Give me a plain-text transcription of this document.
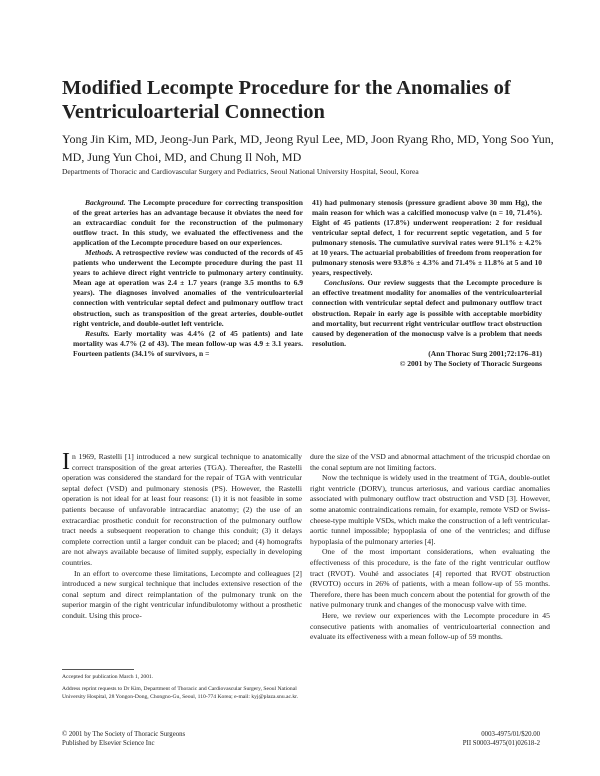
Modified Lecompte Procedure for the Anomalies of Ventriculoarterial Connection
Yong Jin Kim, MD, Jeong-Jun Park, MD, Jeong Ryul Lee, MD, Joon Ryang Rho, MD, Yong Soo Yun, MD, Jung Yun Choi, MD, and Chung Il Noh, MD
Departments of Thoracic and Cardiovascular Surgery and Pediatrics, Seoul National University Hospital, Seoul, Korea

Background. The Lecompte procedure for correcting transposition of the great arteries has an advantage because it obviates the need for an extracardiac conduit for the reconstruction of the pulmonary outflow tract. In this study, we evaluated the effectiveness and the application of the Lecompte procedure based on our experiences.

Methods. A retrospective review was conducted of the records of 45 patients who underwent the Lecompte procedure during the past 11 years to achieve direct right ventricle to pulmonary artery continuity. Mean age at operation was 2.4 ± 1.7 years (range 3.5 months to 6.9 years). The diagnoses involved anomalies of the ventriculoarterial connection with ventricular septal defect and pulmonary outflow tract obstruction, such as transposition of the great arteries, double-outlet right ventricle, and double-outlet left ventricle.

Results. Early mortality was 4.4% (2 of 45 patients) and late mortality was 4.7% (2 of 43). The mean follow-up was 4.9 ± 3.1 years. Fourteen patients (34.1% of survivors, n =

41) had pulmonary stenosis (pressure gradient above 30 mm Hg), the main reason for which was a calcified monocusp valve (n = 10, 71.4%). Eight of 45 patients (17.8%) underwent reoperation: 2 for residual ventricular septal defect, 1 for recurrent septic vegetation, and 5 for pulmonary stenosis. The cumulative survival rates were 91.1% ± 4.2% at 10 years. The actuarial probabilities of freedom from reoperation for pulmonary stenosis were 93.8% ± 4.3% and 71.4% ± 11.8% at 5 and 10 years, respectively.

Conclusions. Our review suggests that the Lecompte procedure is an effective treatment modality for anomalies of the ventriculoarterial connection with ventricular septal defect and pulmonary outflow tract obstruction. Repair in early age is possible with acceptable morbidity and mortality, but recurrent right ventricular outflow tract obstruction caused by degeneration of the monocusp valve is a problem that needs resolution.

(Ann Thorac Surg 2001;72:176–81)
© 2001 by The Society of Thoracic Surgeons

In 1969, Rastelli [1] introduced a new surgical technique to anatomically correct transposition of the great arteries (TGA). Thereafter, the Rastelli operation was considered the standard for the repair of TGA with ventricular septal defect (VSD) and pulmonary stenosis (PS). However, the Rastelli operation is not ideal for at least four reasons: (1) it is not feasible in some patients because of unfavorable intracardiac anatomy; (2) the use of an extracardiac prosthetic conduit for reconstruction of the pulmonary outflow tract needs a subsequent reoperation to change this conduit; (3) it delays complete correction until a larger conduit can be placed; and (4) homografts are not always available because of limited supply, especially in developing countries.

In an effort to overcome these limitations, Lecompte and colleagues [2] introduced a new surgical technique that includes extensive resection of the conal septum and direct reimplantation of the pulmonary trunk on the superior margin of the right ventricular infundibulotomy without a prosthetic conduit. Using this proce-

dure the size of the VSD and abnormal attachment of the tricuspid chordae on the conal septum are not limiting factors.

Now the technique is widely used in the treatment of TGA, double-outlet right ventricle (DORV), truncus arteriosus, and various cardiac anomalies associated with pulmonary outflow tract obstruction and VSD [3]. However, some anatomic contraindications remain, for example, remote VSD or Swiss-cheese-type multiple VSDs, which make the construction of a left ventricular-aortic tunnel impossible; hypoplasia of one of the ventricles; and diffuse hypoplasia of the pulmonary arteries [4].

One of the most important considerations, when evaluating the effectiveness of this procedure, is the fate of the right ventricular outflow tract (RVOT). Vouhé and associates [4] reported that RVOT obstruction (RVOTO) occurs in 26% of patients, with a mean follow-up of 55 months. Therefore, there has been much concern about the potential for growth of the native pulmonary trunk and changes of the monocusp valve with time.

Here, we review our experiences with the Lecompte procedure in 45 consecutive patients with anomalies of ventriculoarterial connection and evaluate its effectiveness with a mean follow-up of 59 months.

Accepted for publication March 1, 2001.
Address reprint requests to Dr Kim, Department of Thoracic and Cardiovascular Surgery, Seoul National University Hospital, 28 Yongon-Dong, Chongno-Gu, Seoul, 110-774 Korea; e-mail: kyj@plaza.snu.ac.kr.
© 2001 by The Society of Thoracic Surgeons
Published by Elsevier Science Inc
0003-4975/01/$20.00
PII S0003-4975(01)02618-2
